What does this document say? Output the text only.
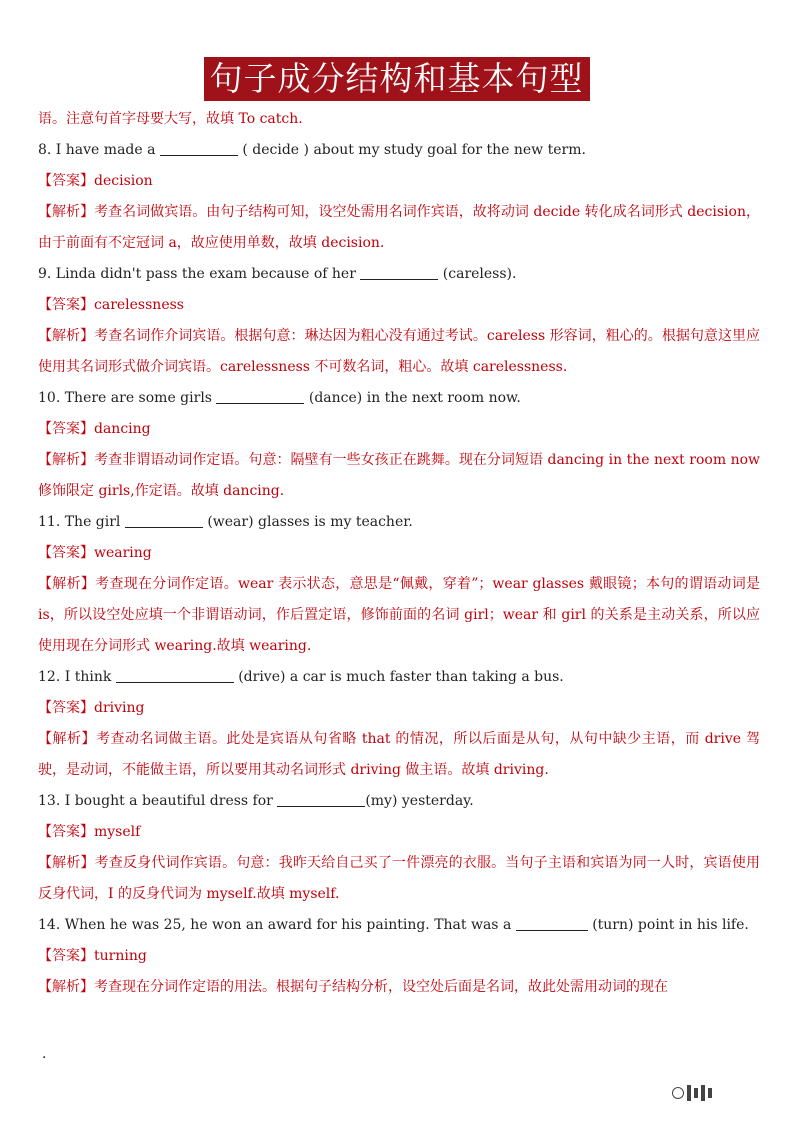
句子成分结构和基本句型

语。注意句首字母要大写，故填 To catch.

8. I have made a	( decide ) about my study goal for the new term.

【答案】decision

【解析】考查名词做宾语。由句子结构可知，设空处需用名词作宾语，故将动词 decide 转化成名词形式 decision，由于前面有不定冠词 a，故应使用单数，故填 decision.

9. Linda didn't pass the exam because of her	(careless).

【答案】carelessness

【解析】考查名词作介词宾语。根据句意：琳达因为粗心没有通过考试。careless 形容词，粗心的。根据句意这里应使用其名词形式做介词宾语。carelessness 不可数名词，粗心。故填 carelessness.

10. There are some girls	(dance) in the next room now.

【答案】dancing

【解析】考查非谓语动词作定语。句意：隔壁有一些女孩正在跳舞。现在分词短语 dancing in the next room now 修饰限定 girls,作定语。故填 dancing.

11. The girl	(wear) glasses is my teacher.

【答案】wearing

【解析】考查现在分词作定语。wear 表示状态，意思是“佩戴，穿着”；wear glasses 戴眼镜；本句的谓语动词是 is，所以设空处应填一个非谓语动词，作后置定语，修饰前面的名词 girl；wear 和 girl 的关系是主动关系，所以应使用现在分词形式 wearing.故填 wearing.

12. I think	(drive) a car is much faster than taking a bus.

【答案】driving

【解析】考查动名词做主语。此处是宾语从句省略 that 的情况，所以后面是从句，从句中缺少主语，而 drive 驾驶，是动词，不能做主语，所以要用其动名词形式 driving 做主语。故填 driving.

13. I bought a beautiful dress for	(my) yesterday.

【答案】myself

【解析】考查反身代词作宾语。句意：我昨天给自己买了一件漂亮的衣服。当句子主语和宾语为同一人时，宾语使用反身代词，I 的反身代词为 myself.故填 myself.

14. When he was 25, he won an award for his painting. That was a	(turn) point in his life.

【答案】turning

【解析】考查现在分词作定语的用法。根据句子结构分析，设空处后面是名词，故此处需用动词的现在

.
